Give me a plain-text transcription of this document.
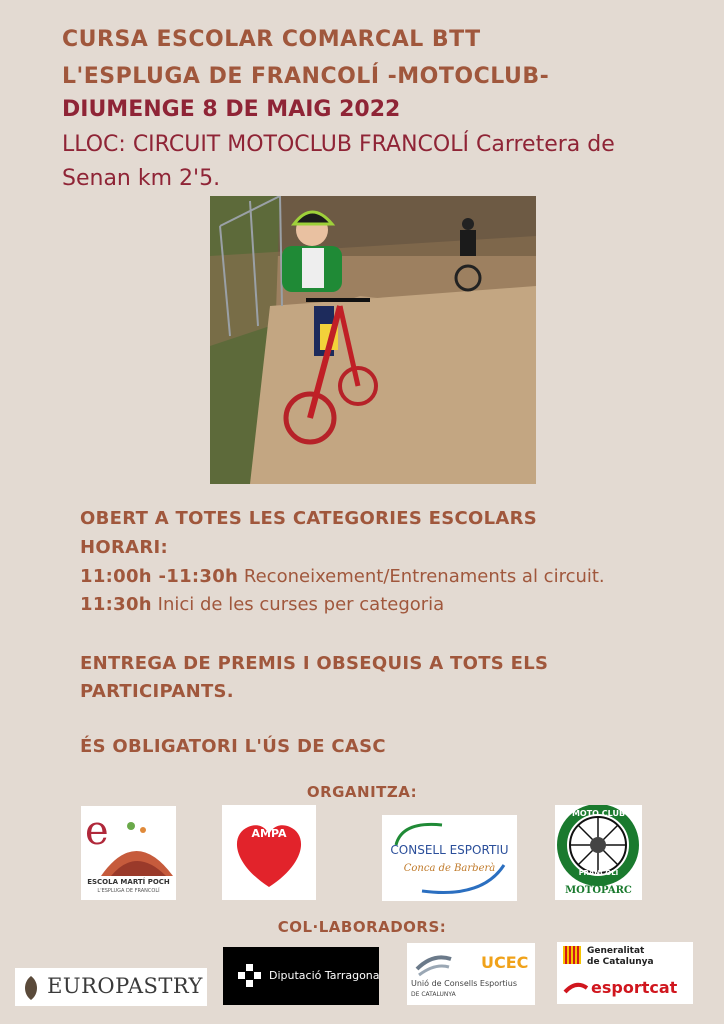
CURSA ESCOLAR COMARCAL BTT
L'ESPLUGA DE FRANCOLÍ -MOTOCLUB-
DIUMENGE 8 DE MAIG 2022
LLOC: CIRCUIT MOTOCLUB FRANCOLÍ Carretera de Senan km 2'5.
OBERT A TOTES LES CATEGORIES ESCOLARS
HORARI:
11:00h -11:30h Reconeixement/Entrenaments al circuit.
11:30h Inici de les curses per categoria
ENTREGA DE PREMIS I OBSEQUIS A TOTS ELS PARTICIPANTS.
ÉS OBLIGATORI L'ÚS DE CASC
ORGANITZA:
e
ESCOLA MARTÍ POCH
L'ESPLUGA DE FRANCOLÍ
AMPA
CONSELL ESPORTIU
Conca de Barberà
MOTO CLUB
FRANCOLÍ
MOTOPARC
COL·LABORADORS:
EUROPASTRY	Diputació Tarragona
UCEC
Unió de Consells Esportius
DE CATALUNYA
Generalitat
de Catalunya
esportcat
